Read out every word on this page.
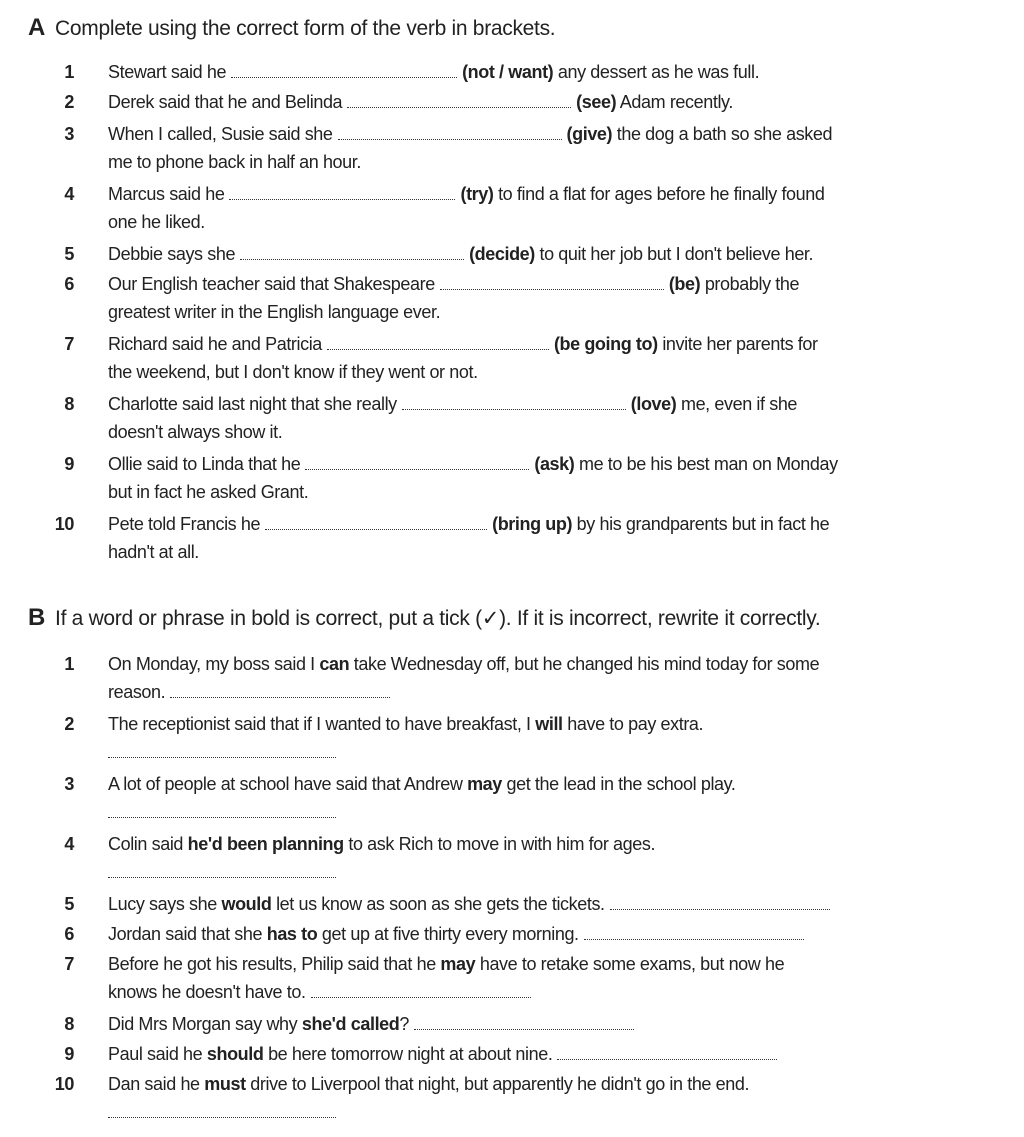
A Complete using the correct form of the verb in brackets.
1 Stewart said he	(not / want) any dessert as he was full.
2 Derek said that he and Belinda	(see) Adam recently.
3 When I called, Susie said she	(give) the dog a bath so she asked
me to phone back in half an hour.
4 Marcus said he	(try) to find a flat for ages before he finally found
one he liked.
5 Debbie says she	(decide) to quit her job but I don't believe her.
6 Our English teacher said that Shakespeare	(be) probably the
greatest writer in the English language ever.
7 Richard said he and Patricia	(be going to) invite her parents for
the weekend, but I don't know if they went or not.
8 Charlotte said last night that she really	(love) me, even if she
doesn't always show it.
9 Ollie said to Linda that he	(ask) me to be his best man on Monday
but in fact he asked Grant.
10 Pete told Francis he	(bring up) by his grandparents but in fact he
hadn't at all.
B If a word or phrase in bold is correct, put a tick (✓). If it is incorrect, rewrite it correctly.
1 On Monday, my boss said I can take Wednesday off, but he changed his mind today for some
reason.
2 The receptionist said that if I wanted to have breakfast, I will have to pay extra.
3 A lot of people at school have said that Andrew may get the lead in the school play.
4 Colin said he'd been planning to ask Rich to move in with him for ages.
5 Lucy says she would let us know as soon as she gets the tickets.
6 Jordan said that she has to get up at five thirty every morning.
7 Before he got his results, Philip said that he may have to retake some exams, but now he
knows he doesn't have to.
8 Did Mrs Morgan say why she'd called?
9 Paul said he should be here tomorrow night at about nine.
10 Dan said he must drive to Liverpool that night, but apparently he didn't go in the end.
